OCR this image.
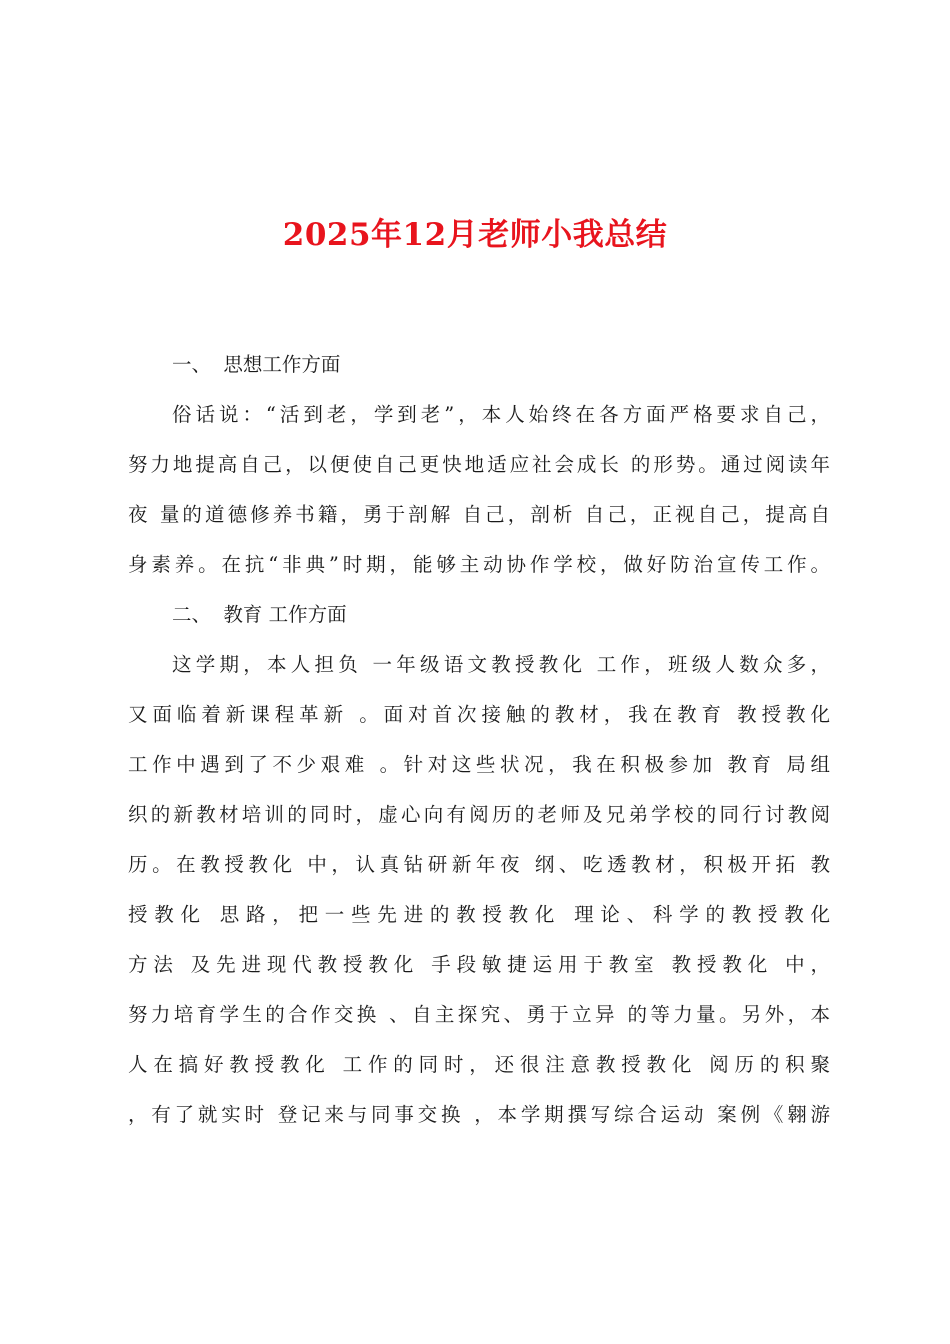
2025年12月老师小我总结
一、  思想工作方面
俗话说：“活到老，学到老”，本人始终在各方面严格要求自己，
努力地提高自己，以便使自己更快地适应社会成长 的形势。通过阅读年
夜 量的道德修养书籍，勇于剖解 自己，剖析 自己，正视自己，提高自
身素养。在抗“非典”时期，能够主动协作学校，做好防治宣传工作。
二、  教育 工作方面
这学期，本人担负 一年级语文教授教化 工作，班级人数众多，
又面临着新课程革新 。面对首次接触的教材，我在教育 教授教化
工作中遇到了不少艰难 。针对这些状况，我在积极参加 教育 局组
织的新教材培训的同时，虚心向有阅历的老师及兄弟学校的同行讨教阅
历。在教授教化 中，认真钻研新年夜 纲、吃透教材，积极开拓 教
授教化 思路，把一些先进的教授教化 理论、科学的教授教化
方法 及先进现代教授教化 手段敏捷运用于教室 教授教化 中，
努力培育学生的合作交换 、自主探究、勇于立异 的等力量。另外，本
人在搞好教授教化 工作的同时，还很注意教授教化 阅历的积聚
，有了就实时 登记来与同事交换 ，本学期撰写综合运动 案例《翱游
